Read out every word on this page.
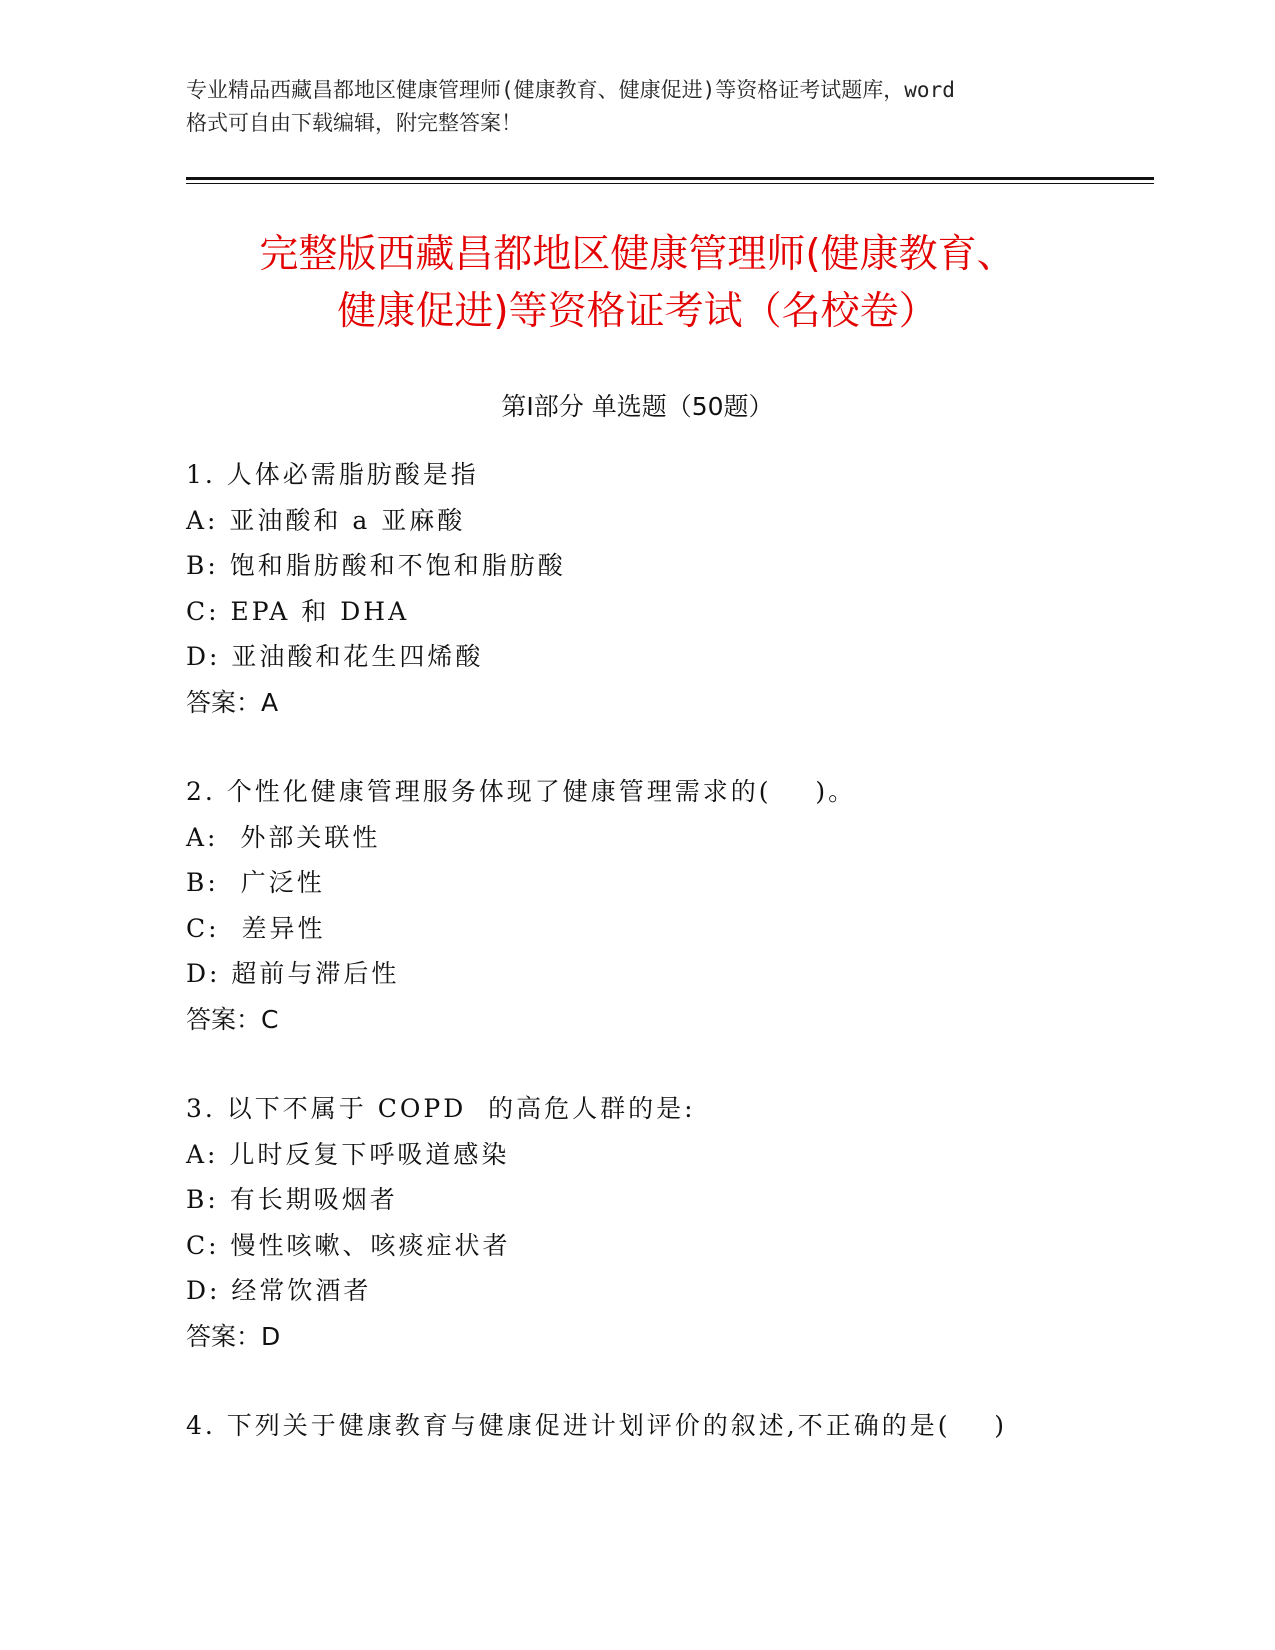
专业精品西藏昌都地区健康管理师(健康教育、健康促进)等资格证考试题库，word
格式可自由下载编辑，附完整答案！
完整版西藏昌都地区健康管理师(健康教育、
健康促进)等资格证考试（名校卷）
第Ⅰ部分 单选题（50题）
1. 人体必需脂肪酸是指
A: 亚油酸和 a 亚麻酸
B: 饱和脂肪酸和不饱和脂肪酸
C: EPA 和 DHA
D: 亚油酸和花生四烯酸
答案：A
2. 个性化健康管理服务体现了健康管理需求的(    )。
A:  外部关联性
B:  广泛性
C:  差异性
D: 超前与滞后性
答案：C
3. 以下不属于 COPD  的高危人群的是:
A: 儿时反复下呼吸道感染
B: 有长期吸烟者
C: 慢性咳嗽、咳痰症状者
D: 经常饮酒者
答案：D
4. 下列关于健康教育与健康促进计划评价的叙述,不正确的是(    )
